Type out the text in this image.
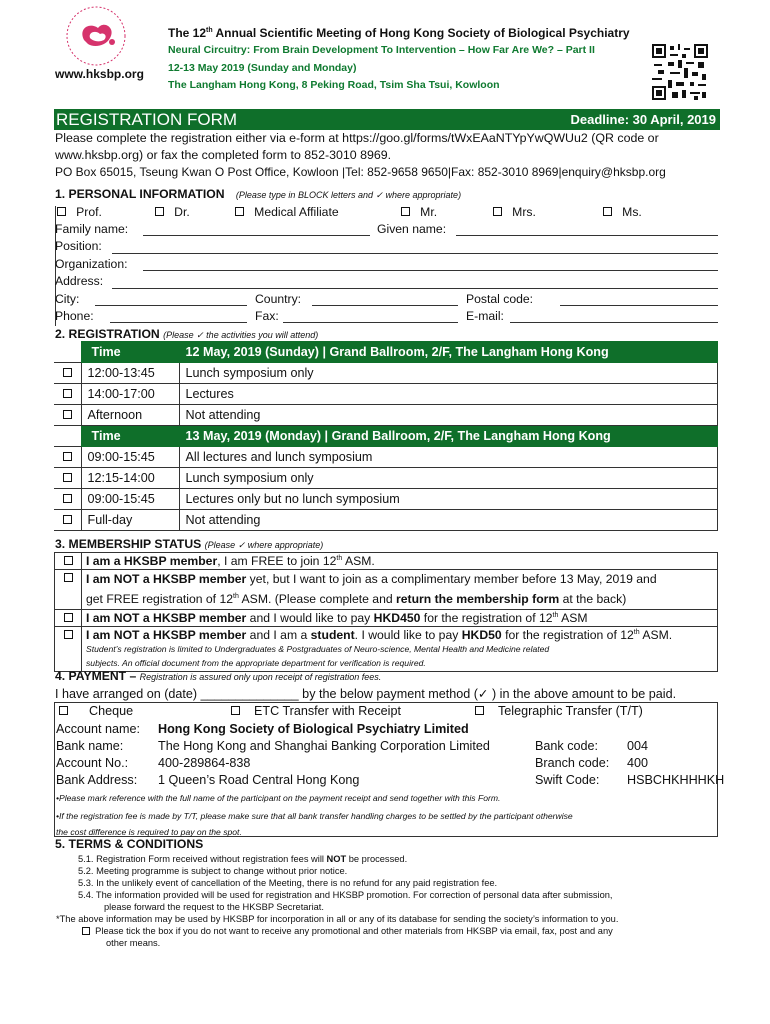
www.hksbp.org
The 12th Annual Scientific Meeting of Hong Kong Society of Biological Psychiatry
Neural Circuitry: From Brain Development To Intervention – How Far Are We? – Part II
12-13 May 2019 (Sunday and Monday)
The Langham Hong Kong, 8 Peking Road, Tsim Sha Tsui, Kowloon
REGISTRATION FORM	Deadline: 30 April, 2019
Please complete the registration either via e-form at https://goo.gl/forms/tWxEAaNTYpYwQWUu2 (QR code or
www.hksbp.org) or fax the completed form to 852-3010 8969.
PO Box 65015, Tseung Kwan O Post Office, Kowloon |Tel: 852-9658 9650|Fax: 852-3010 8969|enquiry@hksbp.org
1. PERSONAL INFORMATION (Please type in BLOCK letters and ✓ where appropriate)
Prof.	Dr.	Medical Affiliate	Mr.	Mrs.	Ms.
Family name:	Given name:
Position:
Organization:
Address:
City:	Country:	Postal code:
Phone:	Fax:	E-mail:
2. REGISTRATION (Please ✓ the activities you will attend)
	Time	12 May, 2019 (Sunday) | Grand Ballroom, 2/F, The Langham Hong Kong
	12:00-13:45	Lunch symposium only
	14:00-17:00	Lectures
	Afternoon	Not attending
	Time	13 May, 2019 (Monday) | Grand Ballroom, 2/F, The Langham Hong Kong
	09:00-15:45	All lectures and lunch symposium
	12:15-14:00	Lunch symposium only
	09:00-15:45	Lectures only but no lunch symposium
	Full-day	Not attending
3. MEMBERSHIP STATUS (Please ✓ where appropriate)
	I am a HKSBP member, I am FREE to join 12th ASM.
	I am NOT a HKSBP member yet, but I want to join as a complimentary member before 13 May, 2019 and
get FREE registration of 12th ASM. (Please complete and return the membership form at the back)
	I am NOT a HKSBP member and I would like to pay HKD450 for the registration of 12th ASM
	I am NOT a HKSBP member and I am a student. I would like to pay HKD50 for the registration of 12th ASM.

Student’s registration is limited to Undergraduates & Postgraduates of Neuro-science, Mental Health and Medicine related
subjects. An official document from the appropriate department for verification is required.
4. PAYMENT – Registration is assured only upon receipt of registration fees.
I have arranged on (date) ______________ by the below payment method (✓ ) in the above amount to be paid.
Cheque	ETC Transfer with Receipt	Telegraphic Transfer (T/T)
Account name: Hong Kong Society of Biological Psychiatry Limited
Bank name:	The Hong Kong and Shanghai Banking Corporation Limited
Account No.: 400-289864-838
Bank Address: 1 Queen’s Road Central Hong Kong
Bank code: 004
Branch code: 400
Swift Code: HSBCHKHHHKH
•Please mark reference with the full name of the participant on the payment receipt and send together with this Form.
•If the registration fee is made by T/T, please make sure that all bank transfer handling charges to be settled by the participant otherwise
the cost difference is required to pay on the spot.
5. TERMS & CONDITIONS
5.1. Registration Form received without registration fees will NOT be processed.
5.2. Meeting programme is subject to change without prior notice.
5.3. In the unlikely event of cancellation of the Meeting, there is no refund for any paid registration fee.
5.4. The information provided will be used for registration and HKSBP promotion. For correction of personal data after submission,
please forward the request to the HKSBP Secretariat.
*The above information may be used by HKSBP for incorporation in all or any of its database for sending the society’s information to you.
Please tick the box if you do not want to receive any promotional and other materials from HKSBP via email, fax, post and any
other means.
